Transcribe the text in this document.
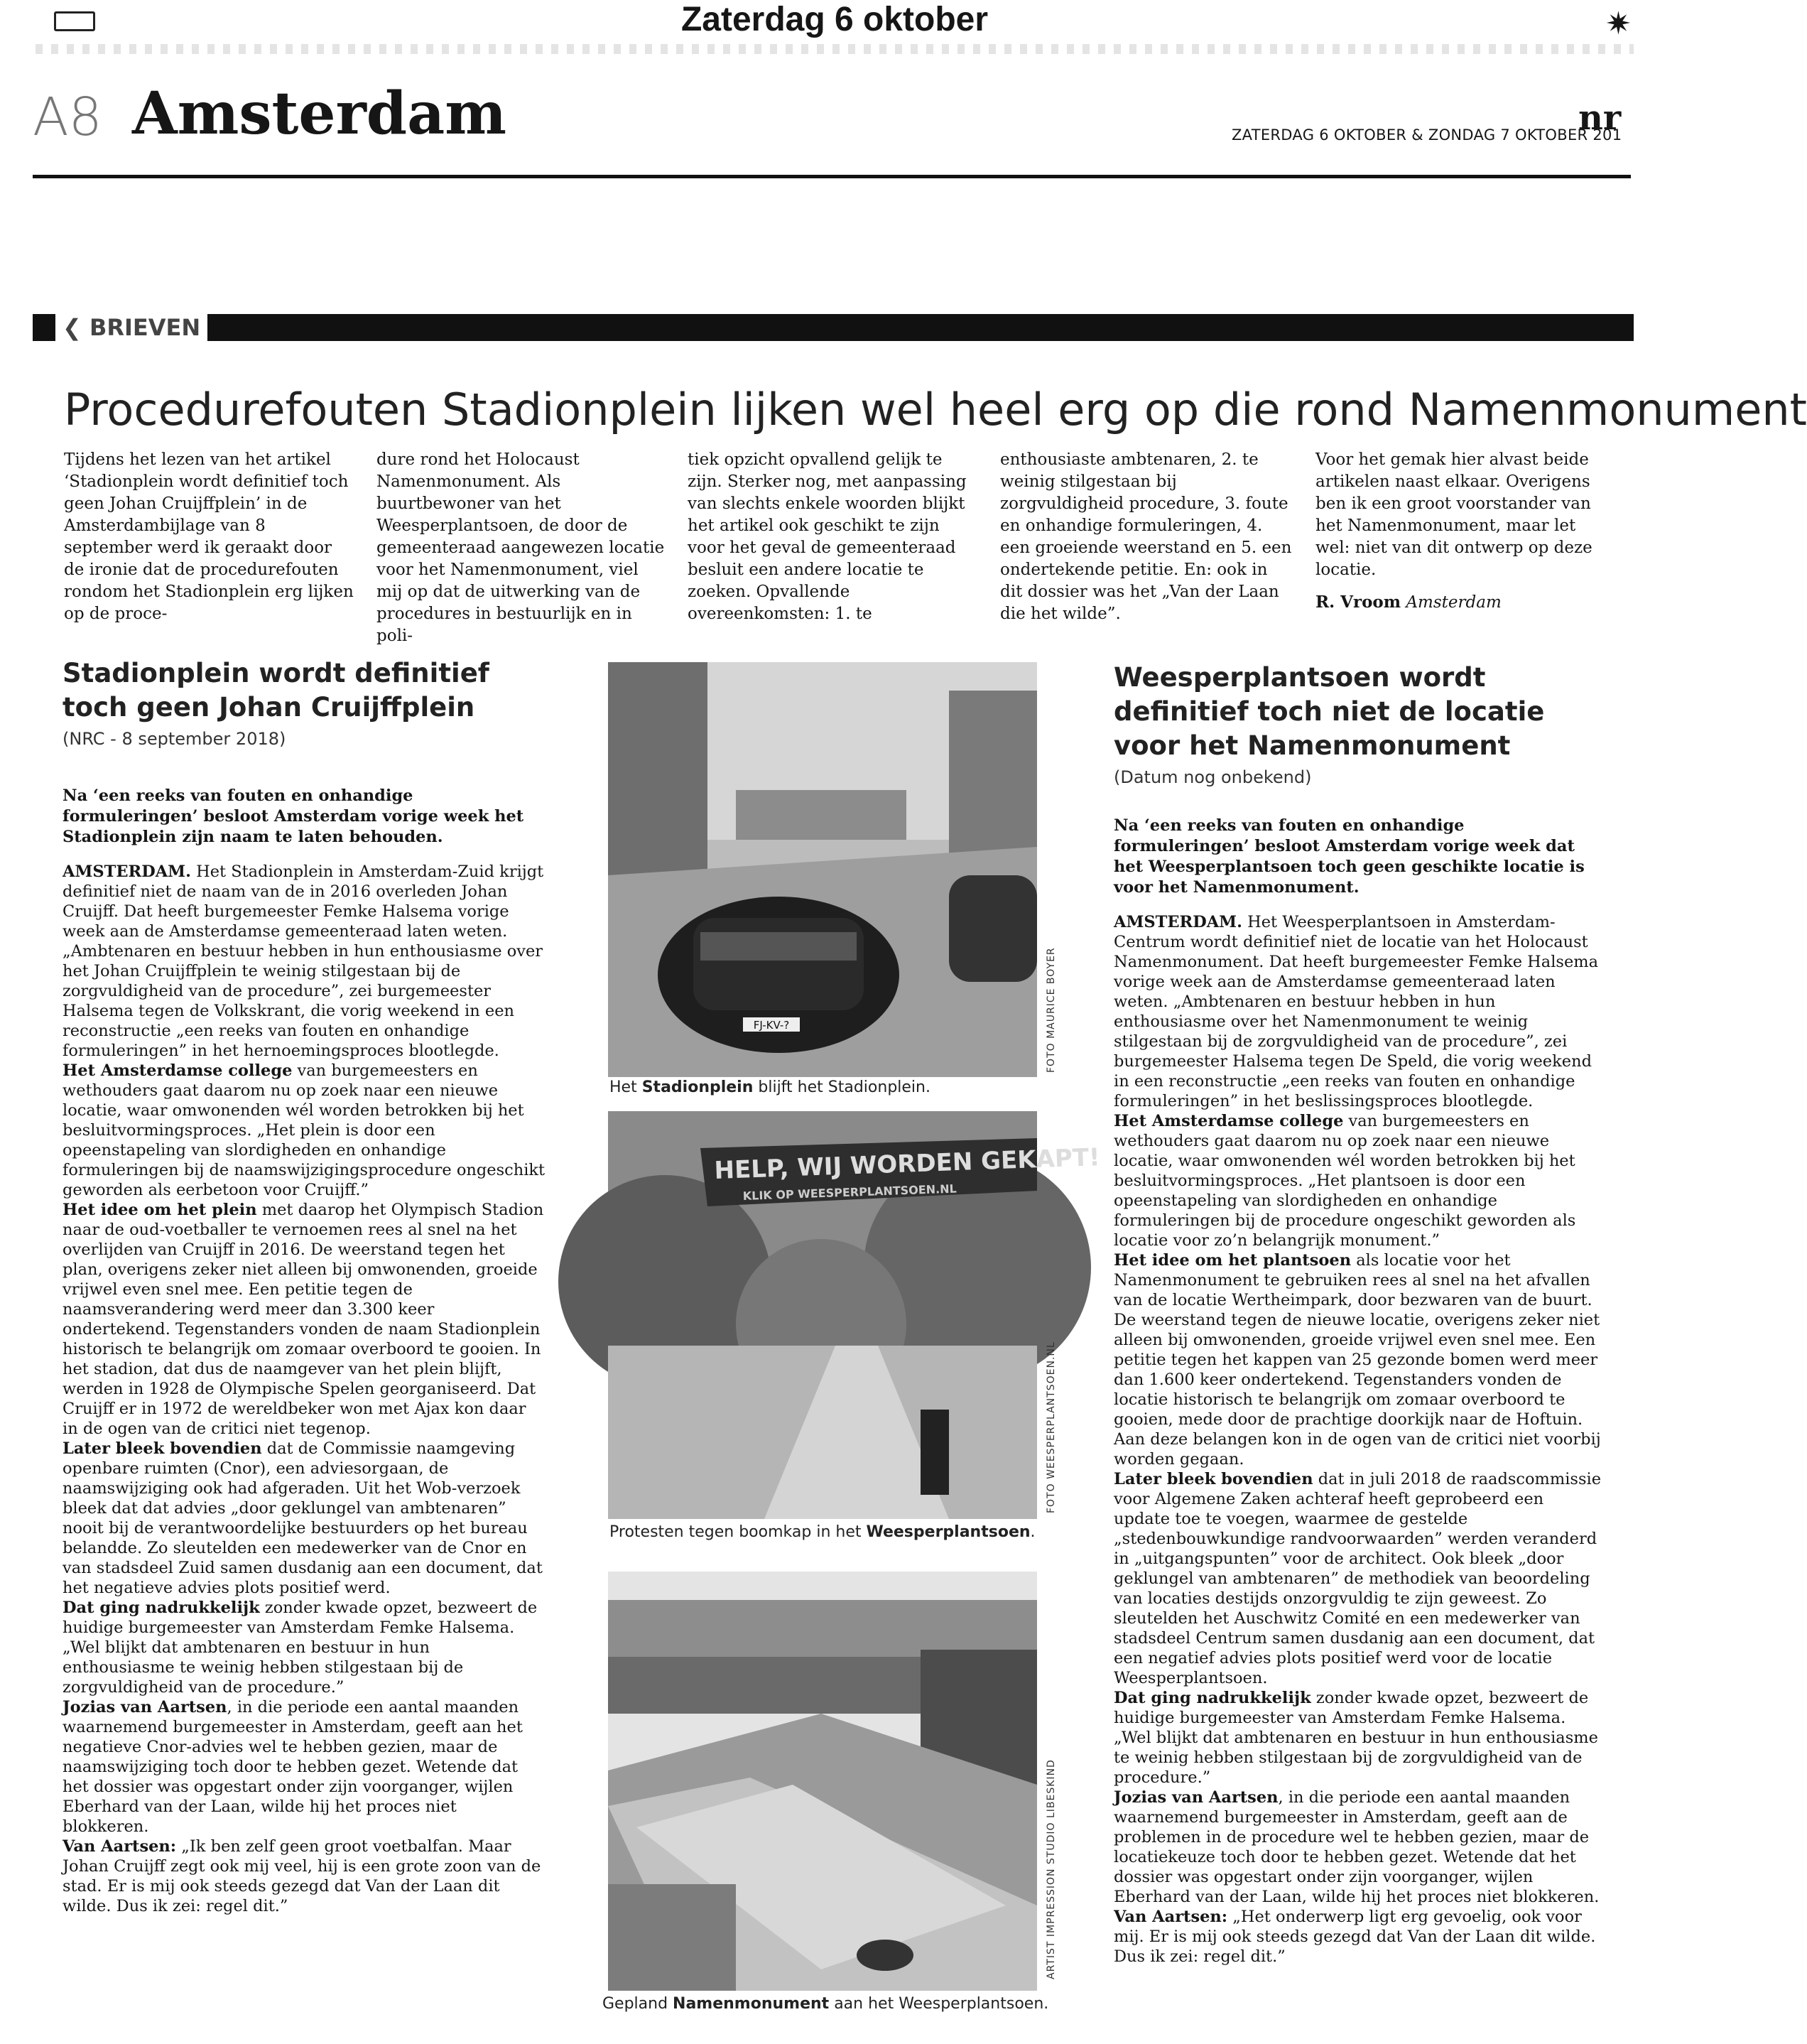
Zaterdag 6 oktober	✷
A8 Amsterdam	nr
ZATERDAG 6 OKTOBER & ZONDAG 7 OKTOBER 201
❮ BRIEVEN
Procedurefouten Stadionplein lijken wel heel erg op die rond Namenmonument

Tijdens het lezen van het artikel ‘Stadionplein wordt definitief toch geen Johan Cruijffplein’ in de Amsterdambijlage van 8 september werd ik geraakt door de ironie dat de procedurefouten rondom het Stadionplein erg lijken op de proce-

dure rond het Holocaust Namenmonument. Als buurtbewoner van het Weesperplantsoen, de door de gemeenteraad aangewezen locatie voor het Namenmonument, viel mij op dat de uitwerking van de procedures in bestuurlijk en in poli-

tiek opzicht opvallend gelijk te zijn. Sterker nog, met aanpassing van slechts enkele woorden blijkt het artikel ook geschikt te zijn voor het geval de gemeenteraad besluit een andere locatie te zoeken. Opvallende overeenkomsten: 1. te

enthousiaste ambtenaren, 2. te weinig stilgestaan bij zorgvuldigheid procedure, 3. foute en onhandige formuleringen, 4. een groeiende weerstand en 5. een ondertekende petitie. En: ook in dit dossier was het „Van der Laan die het wilde”.

Voor het gemak hier alvast beide artikelen naast elkaar. Overigens ben ik een groot voorstander van het Namenmonument, maar let wel: niet van dit ontwerp op deze locatie.

R. Vroom Amsterdam

Stadionplein wordt definitief toch geen Johan Cruijffplein
(NRC - 8 september 2018)
Na ‘een reeks van fouten en onhandige formuleringen’ besloot Amsterdam vorige week het Stadionplein zijn naam te laten behouden.

AMSTERDAM. Het Stadionplein in Amsterdam-Zuid krijgt definitief niet de naam van de in 2016 overleden Johan Cruijff. Dat heeft burgemeester Femke Halsema vorige week aan de Amsterdamse gemeenteraad laten weten. „Ambtenaren en bestuur hebben in hun enthousiasme over het Johan Cruijffplein te weinig stilgestaan bij de zorgvuldigheid van de procedure”, zei burgemeester Halsema tegen de Volkskrant, die vorig weekend in een reconstructie „een reeks van fouten en onhandige formuleringen” in het hernoemingsproces blootlegde.

Het Amsterdamse college van burgemeesters en wethouders gaat daarom nu op zoek naar een nieuwe locatie, waar omwonenden wél worden betrokken bij het besluitvormingsproces. „Het plein is door een opeenstapeling van slordigheden en onhandige formuleringen bij de naamswijzigingsprocedure ongeschikt geworden als eerbetoon voor Cruijff.”

Het idee om het plein met daarop het Olympisch Stadion naar de oud-voetballer te vernoemen rees al snel na het overlijden van Cruijff in 2016. De weerstand tegen het plan, overigens zeker niet alleen bij omwonenden, groeide vrijwel even snel mee. Een petitie tegen de naamsverandering werd meer dan 3.300 keer ondertekend. Tegenstanders vonden de naam Stadionplein historisch te belangrijk om zomaar overboord te gooien. In het stadion, dat dus de naamgever van het plein blijft, werden in 1928 de Olympische Spelen georganiseerd. Dat Cruijff er in 1972 de wereldbeker won met Ajax kon daar in de ogen van de critici niet tegenop.

Later bleek bovendien dat de Commissie naamgeving openbare ruimten (Cnor), een adviesorgaan, de naamswijziging ook had afgeraden. Uit het Wob-verzoek bleek dat dat advies „door geklungel van ambtenaren” nooit bij de verantwoordelijke bestuurders op het bureau belandde. Zo sleutelden een medewerker van de Cnor en van stadsdeel Zuid samen dusdanig aan een document, dat het negatieve advies plots positief werd.

Dat ging nadrukkelijk zonder kwade opzet, bezweert de huidige burgemeester van Amsterdam Femke Halsema. „Wel blijkt dat ambtenaren en bestuur in hun enthousiasme te weinig hebben stilgestaan bij de zorgvuldigheid van de procedure.”

Jozias van Aartsen, in die periode een aantal maanden waarnemend burgemeester in Amsterdam, geeft aan het negatieve Cnor-advies wel te hebben gezien, maar de naamswijziging toch door te hebben gezet. Wetende dat het dossier was opgestart onder zijn voorganger, wijlen Eberhard van der Laan, wilde hij het proces niet blokkeren.

Van Aartsen: „Ik ben zelf geen groot voetbalfan. Maar Johan Cruijff zegt ook mij veel, hij is een grote zoon van de stad. Er is mij ook steeds gezegd dat Van der Laan dit wilde. Dus ik zei: regel dit.”

FJ-KV-?
Het Stadionplein blijft het Stadionplein.
FOTO MAURICE BOYER
HELP, WIJ WORDEN GEKAPT!
KLIK OP WEESPERPLANTSOEN.NL
Protesten tegen boomkap in het Weesperplantsoen.
FOTO WEESPERPLANTSOEN.NL
Gepland Namenmonument aan het Weesperplantsoen.
ARTIST IMPRESSION STUDIO LIBESKIND
Weesperplantsoen wordt definitief toch niet de locatie voor het Namenmonument
(Datum nog onbekend)
Na ‘een reeks van fouten en onhandige formuleringen’ besloot Amsterdam vorige week dat het Weesperplantsoen toch geen geschikte locatie is voor het Namenmonument.

AMSTERDAM. Het Weesperplantsoen in Amsterdam-Centrum wordt definitief niet de locatie van het Holocaust Namenmonument. Dat heeft burgemeester Femke Halsema vorige week aan de Amsterdamse gemeenteraad laten weten. „Ambtenaren en bestuur hebben in hun enthousiasme over het Namenmonument te weinig stilgestaan bij de zorgvuldigheid van de procedure”, zei burgemeester Halsema tegen De Speld, die vorig weekend in een reconstructie „een reeks van fouten en onhandige formuleringen” in het beslissingsproces blootlegde.

Het Amsterdamse college van burgemeesters en wethouders gaat daarom nu op zoek naar een nieuwe locatie, waar omwonenden wél worden betrokken bij het besluitvormingsproces. „Het plantsoen is door een opeenstapeling van slordigheden en onhandige formuleringen bij de procedure ongeschikt geworden als locatie voor zo’n belangrijk monument.”

Het idee om het plantsoen als locatie voor het Namenmonument te gebruiken rees al snel na het afvallen van de locatie Wertheimpark, door bezwaren van de buurt. De weerstand tegen de nieuwe locatie, overigens zeker niet alleen bij omwonenden, groeide vrijwel even snel mee. Een petitie tegen het kappen van 25 gezonde bomen werd meer dan 1.600 keer ondertekend. Tegenstanders vonden de locatie historisch te belangrijk om zomaar overboord te gooien, mede door de prachtige doorkijk naar de Hoftuin. Aan deze belangen kon in de ogen van de critici niet voorbij worden gegaan.

Later bleek bovendien dat in juli 2018 de raadscommissie voor Algemene Zaken achteraf heeft geprobeerd een update toe te voegen, waarmee de gestelde „stedenbouwkundige randvoorwaarden” werden veranderd in „uitgangspunten” voor de architect. Ook bleek „door geklungel van ambtenaren” de methodiek van beoordeling van locaties destijds onzorgvuldig te zijn geweest. Zo sleutelden het Auschwitz Comité en een medewerker van stadsdeel Centrum samen dusdanig aan een document, dat een negatief advies plots positief werd voor de locatie Weesperplantsoen.

Dat ging nadrukkelijk zonder kwade opzet, bezweert de huidige burgemeester van Amsterdam Femke Halsema. „Wel blijkt dat ambtenaren en bestuur in hun enthousiasme te weinig hebben stilgestaan bij de zorgvuldigheid van de procedure.”

Jozias van Aartsen, in die periode een aantal maanden waarnemend burgemeester in Amsterdam, geeft aan de problemen in de procedure wel te hebben gezien, maar de locatiekeuze toch door te hebben gezet. Wetende dat het dossier was opgestart onder zijn voorganger, wijlen Eberhard van der Laan, wilde hij het proces niet blokkeren.

Van Aartsen: „Het onderwerp ligt erg gevoelig, ook voor mij. Er is mij ook steeds gezegd dat Van der Laan dit wilde. Dus ik zei: regel dit.”
